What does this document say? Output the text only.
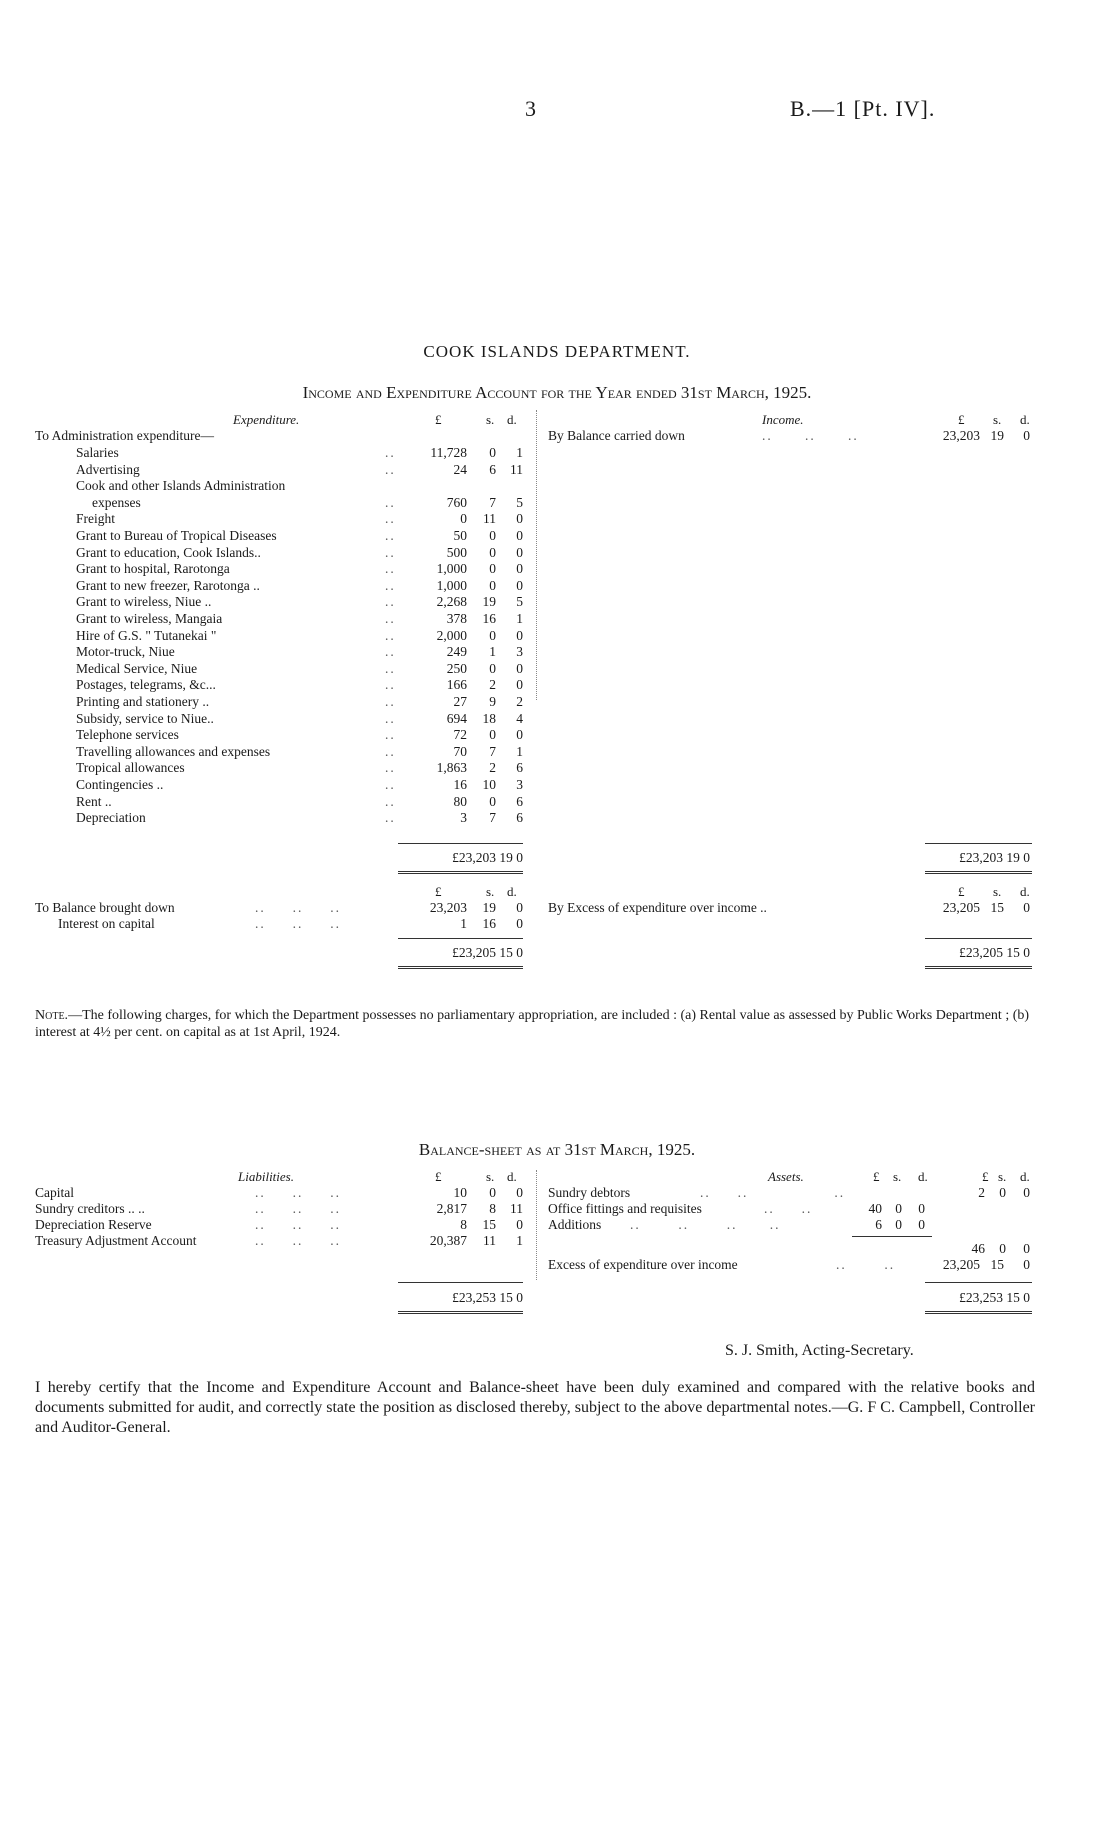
3	B.—1 [Pt. IV].
COOK ISLANDS DEPARTMENT.
Income and Expenditure Account for the Year ended 31st March, 1925.
Expenditure.	£	s. d.	Income.	£ s. d.
To Administration expenditure—
Salaries	..	11,728	0	1
Advertising	..	24	6	11
Cook and other Islands Administration
expenses	..	760	7	5
Freight	..	0	11	0
Grant to Bureau of Tropical Diseases	..	50	0	0
Grant to education, Cook Islands..	..	500	0	0
Grant to hospital, Rarotonga	..	1,000	0	0
Grant to new freezer, Rarotonga ..	..	1,000	0	0
Grant to wireless, Niue ..	..	2,268	19	5
Grant to wireless, Mangaia	..	378	16	1
Hire of G.S. " Tutanekai "	..	2,000	0	0
Motor-truck, Niue	..	249	1	3
Medical Service, Niue	..	250	0	0
Postages, telegrams, &c...	..	166	2	0
Printing and stationery ..	..	27	9	2
Subsidy, service to Niue..	..	694	18	4
Telephone services	..	72	0	0
Travelling allowances and expenses	..	70	7	1
Tropical allowances	..	1,863	2	6
Contingencies ..	..	16	10	3
Rent ..	..	80	0	6
Depreciation	..	3	7	6
By Balance carried down	..      ..      ..	23,203 19	0
£23,203 19 0	£23,203 19 0
£	s. d.	£ s. d.
To Balance brought down	..     ..     ..	23,203	19	0
Interest on capital	..     ..     ..	1	16	0
By Excess of expenditure over income ..	23,205 15	0
£23,205 15 0	£23,205 15 0
Note.—The following charges, for which the Department possesses no parliamentary appropriation, are included : (a) Rental value as assessed by Public Works Department ; (b) interest at 4½ per cent. on capital as at 1st April, 1924.
Balance-sheet as at 31st March, 1925.
Liabilities.	£	s. d.	Assets.	£ s. d.	£ s. d.
Capital	..     ..     ..	10	0	0
Sundry creditors .. ..	..     ..     ..	2,817	8	11
Depreciation Reserve	..     ..     ..	8	15	0
Treasury Adjustment Account	..     ..     ..	20,387	11	1
Sundry debtors	..     ..                ..	2	0	0
Office fittings and requisites	..     ..	40 0	0
Additions ..       ..       ..      ..	6 0	0
46	0	0
Excess of expenditure over income	..       ..	23,205 15	0
£23,253 15 0	£23,253 15 0
S. J. Smith, Acting-Secretary.
I hereby certify that the Income and Expenditure Account and Balance-sheet have been duly examined and compared with the relative books and documents submitted for audit, and correctly state the position as disclosed thereby, subject to the above departmental notes.—G. F C. Campbell, Controller and Auditor-General.
